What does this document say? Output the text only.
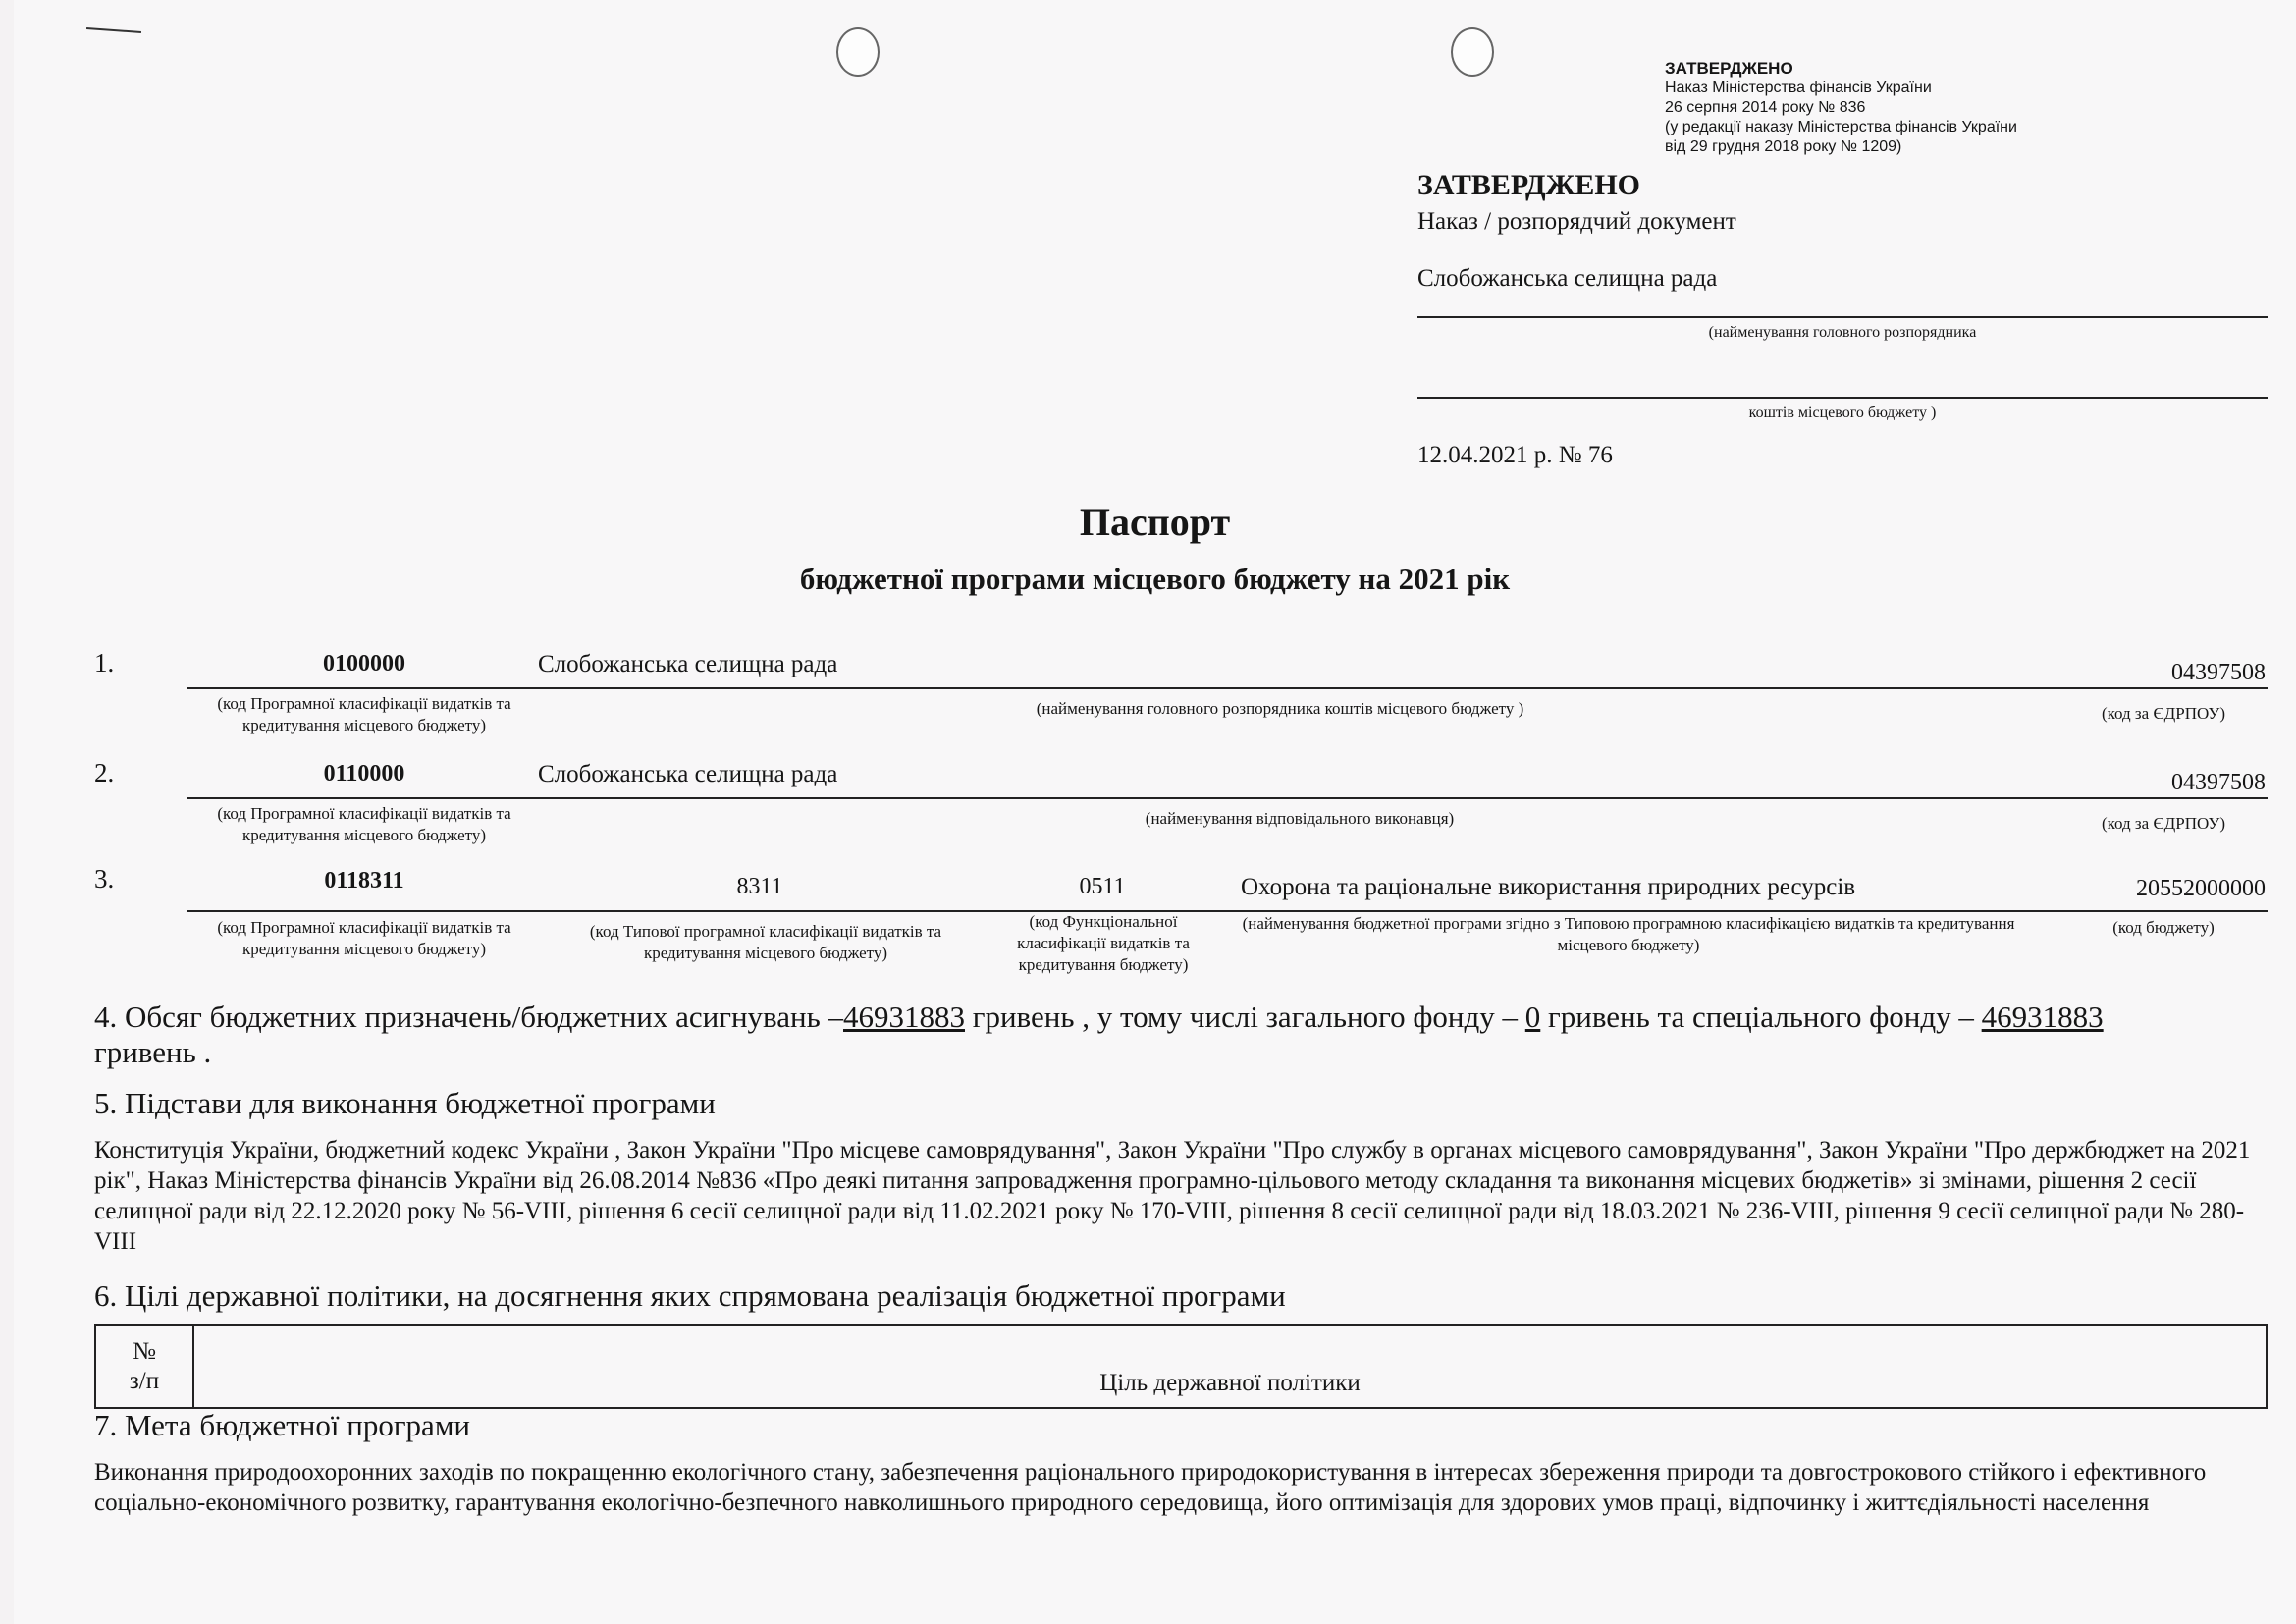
ЗАТВЕРДЖЕНО
Наказ Міністерства фінансів України
26 серпня 2014 року № 836
(у редакції наказу Міністерства фінансів України
від 29 грудня 2018 року № 1209)
ЗАТВЕРДЖЕНО
Наказ / розпорядчий документ
Слобожанська селищна рада
(найменування головного розпорядника
коштів місцевого бюджету )
12.04.2021 р. № 76
Паспорт
бюджетної програми місцевого бюджету на 2021 рік
1.	0100000	Слобожанська селищна рада	04397508
(код Програмної класифікації видатків та кредитування місцевого бюджету)
(найменування головного розпорядника коштів місцевого бюджету )	(код за ЄДРПОУ)
2.	0110000	Слобожанська селищна рада	04397508
(код Програмної класифікації видатків та кредитування місцевого бюджету)
(найменування відповідального виконавця)	(код за ЄДРПОУ)
3.	0118311	8311	0511	Охорона та раціональне використання природних ресурсів	20552000000
(код Програмної класифікації видатків та кредитування місцевого бюджету)
(код Типової програмної класифікації видатків та кредитування місцевого бюджету)
(код Функціональної класифікації видатків та кредитування бюджету)
(найменування бюджетної програми згідно з Типовою програмною класифікацією видатків та кредитування місцевого бюджету)
(код бюджету)
4. Обсяг бюджетних призначень/бюджетних асигнувань –46931883 гривень , у тому числі загального фонду – 0 гривень та спеціального фонду – 46931883
гривень .
5. Підстави для виконання бюджетної програми
Конституція України, бюджетний кодекс України , Закон України "Про місцеве самоврядування", Закон України "Про службу в органах місцевого самоврядування", Закон України "Про держбюджет на 2021 рік", Наказ Міністерства фінансів України від 26.08.2014 №836 «Про деякі питання запровадження програмно-цільового методу складання та виконання місцевих бюджетів» зі змінами, рішення 2 сесії селищної ради від 22.12.2020 року № 56-VIII, рішення 6 сесії селищної ради від 11.02.2021 року № 170-VIII, рішення 8 сесії селищної ради від 18.03.2021 № 236-VIII, рішення 9 сесії селищної ради № 280-VIII
6. Цілі державної політики, на досягнення яких спрямована реалізація бюджетної програми
№
з/п	Ціль державної політики
7. Мета бюджетної програми
Виконання природоохоронних заходів по покращенню екологічного стану, забезпечення раціонального природокористування в інтересах збереження природи та довгострокового стійкого і ефективного соціально-економічного розвитку, гарантування екологічно-безпечного навколишнього природного середовища, його оптимізація для здорових умов праці, відпочинку і життєдіяльності населення
